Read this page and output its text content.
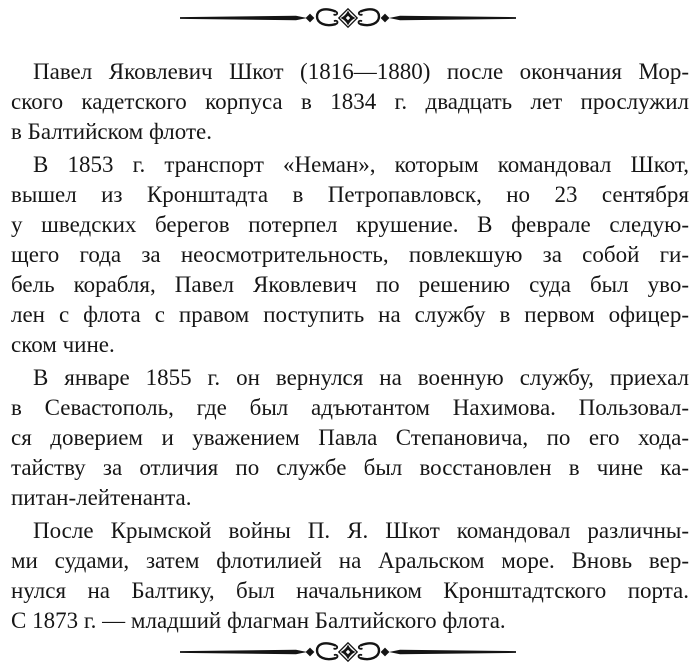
Павел Яковлевич Шкот (1816—1880) после окончания Мор-
ского кадетского корпуса в 1834 г. двадцать лет прослужил
в Балтийском флоте.
В 1853 г. транспорт «Неман», которым командовал Шкот,
вышел из Кронштадта в Петропавловск, но 23 сентября
у шведских берегов потерпел крушение. В феврале следую-
щего года за неосмотрительность, повлекшую за собой ги-
бель корабля, Павел Яковлевич по решению суда был уво-
лен с флота с правом поступить на службу в первом офицер-
ском чине.
В январе 1855 г. он вернулся на военную службу, приехал
в Севастополь, где был адъютантом Нахимова. Пользовал-
ся доверием и уважением Павла Степановича, по его хода-
тайству за отличия по службе был восстановлен в чине ка-
питан-лейтенанта.
После Крымской войны П. Я. Шкот командовал различны-
ми судами, затем флотилией на Аральском море. Вновь вер-
нулся на Балтику, был начальником Кронштадтского порта.
С 1873 г. — младший флагман Балтийского флота.
